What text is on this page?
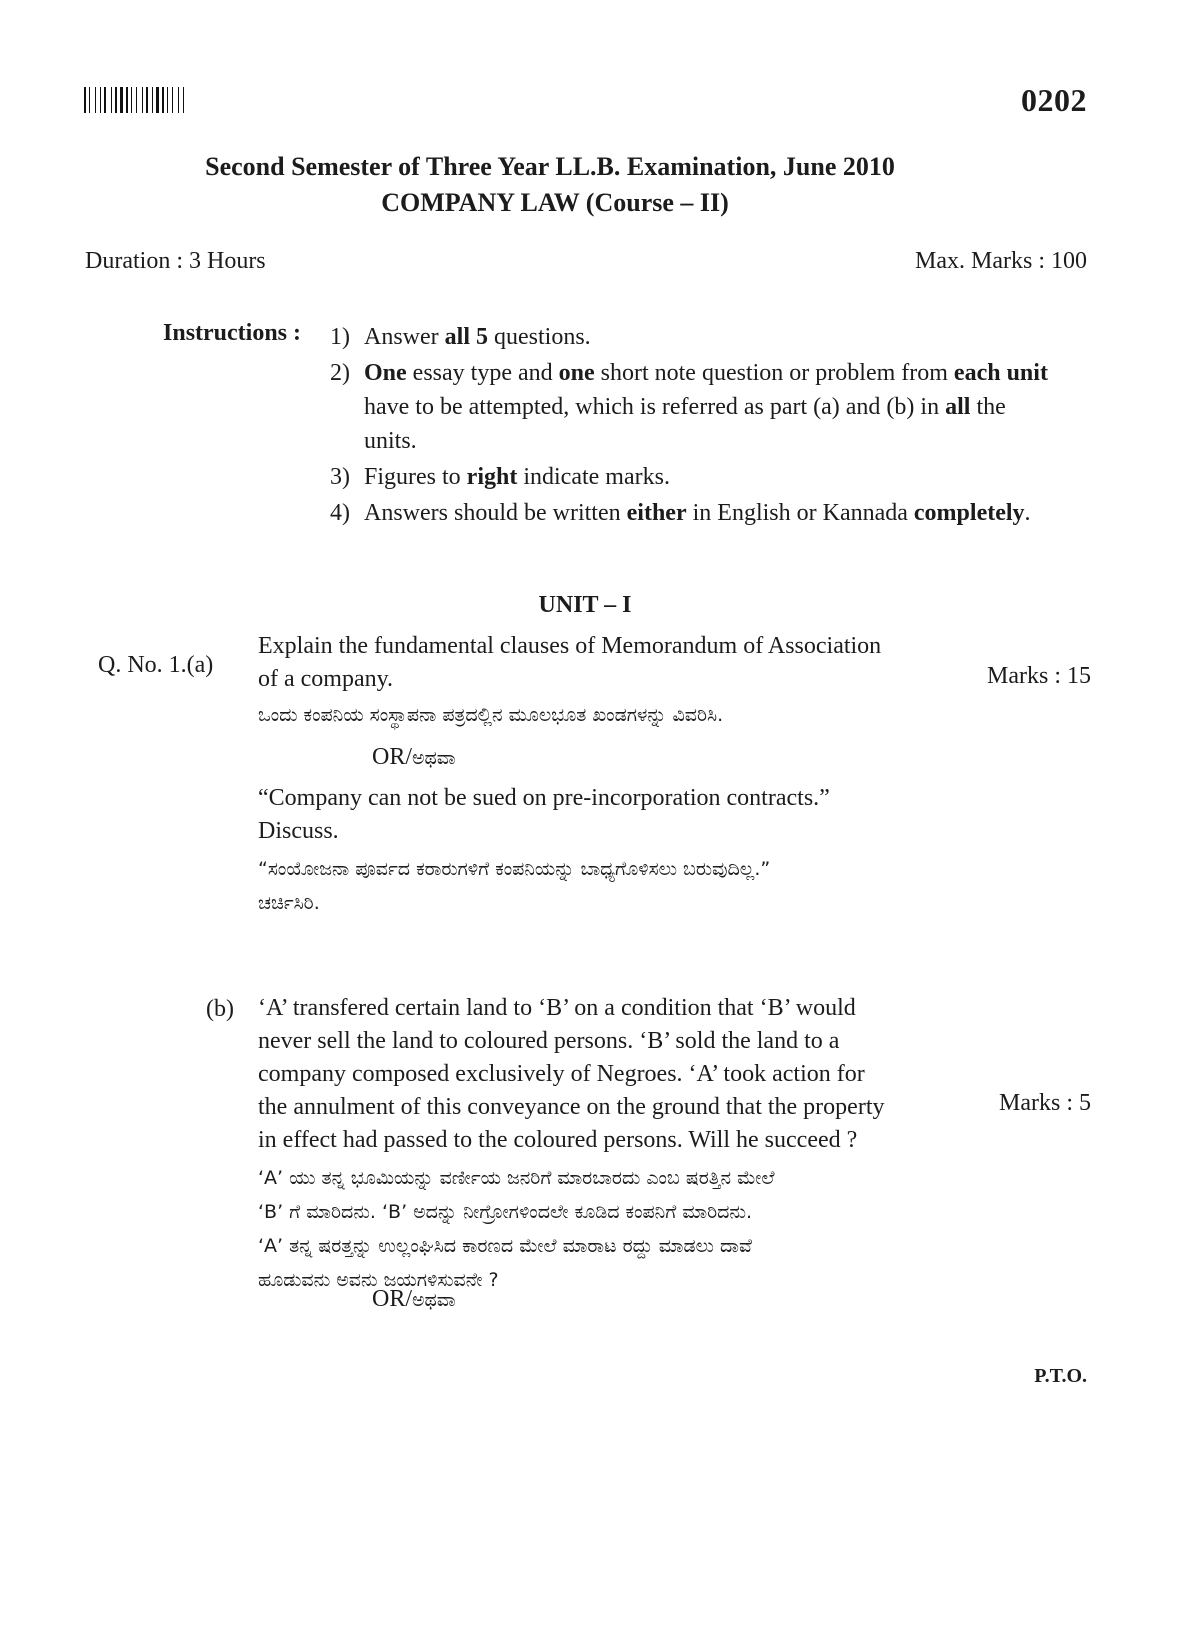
0202
Second Semester of Three Year LL.B. Examination, June 2010
COMPANY LAW (Course – II)
Duration : 3 Hours	Max. Marks : 100
Instructions : 1) Answer all 5 questions.
2) One essay type and one short note question or problem from each unit have to be attempted, which is referred as part (a) and (b) in all the units.
3) Figures to right indicate marks.
4) Answers should be written either in English or Kannada completely.
UNIT – I
Q. No. 1.(a)
Explain the fundamental clauses of Memorandum of Association
of a company.
ಒಂದು ಕಂಪನಿಯ ಸಂಸ್ಥಾಪನಾ ಪತ್ರದಲ್ಲಿನ ಮೂಲಭೂತ ಖಂಡಗಳನ್ನು ವಿವರಿಸಿ.
Marks : 15
OR/ಅಥವಾ
“Company can not be sued on pre-incorporation contracts.”
Discuss.
“ಸಂಯೋಜನಾ ಪೂರ್ವದ ಕರಾರುಗಳಿಗೆ ಕಂಪನಿಯನ್ನು ಬಾಧ್ಯಗೊಳಿಸಲು ಬರುವುದಿಲ್ಲ.”
ಚರ್ಚಿಸಿರಿ.
(b) ‘A’ transfered certain land to ‘B’ on a condition that ‘B’ would
never sell the land to coloured persons. ‘B’ sold the land to a
company composed exclusively of Negroes. ‘A’ took action for
the annulment of this conveyance on the ground that the property
in effect had passed to the coloured persons. Will he succeed ?
‘A’ ಯು ತನ್ನ ಭೂಮಿಯನ್ನು ವರ್ಣೀಯ ಜನರಿಗೆ ಮಾರಬಾರದು ಎಂಬ ಷರತ್ತಿನ ಮೇಲೆ
‘B’ ಗೆ ಮಾರಿದನು. ‘B’ ಅದನ್ನು ನೀಗ್ರೋಗಳಿಂದಲೇ ಕೂಡಿದ ಕಂಪನಿಗೆ ಮಾರಿದನು.
‘A’ ತನ್ನ ಷರತ್ತನ್ನು ಉಲ್ಲಂಘಿಸಿದ ಕಾರಣದ ಮೇಲೆ ಮಾರಾಟ ರದ್ದು ಮಾಡಲು ದಾವೆ
ಹೂಡುವನು ಅವನು ಜಯಗಳಿಸುವನೇ ?
Marks : 5
OR/ಅಥವಾ
P.T.O.
